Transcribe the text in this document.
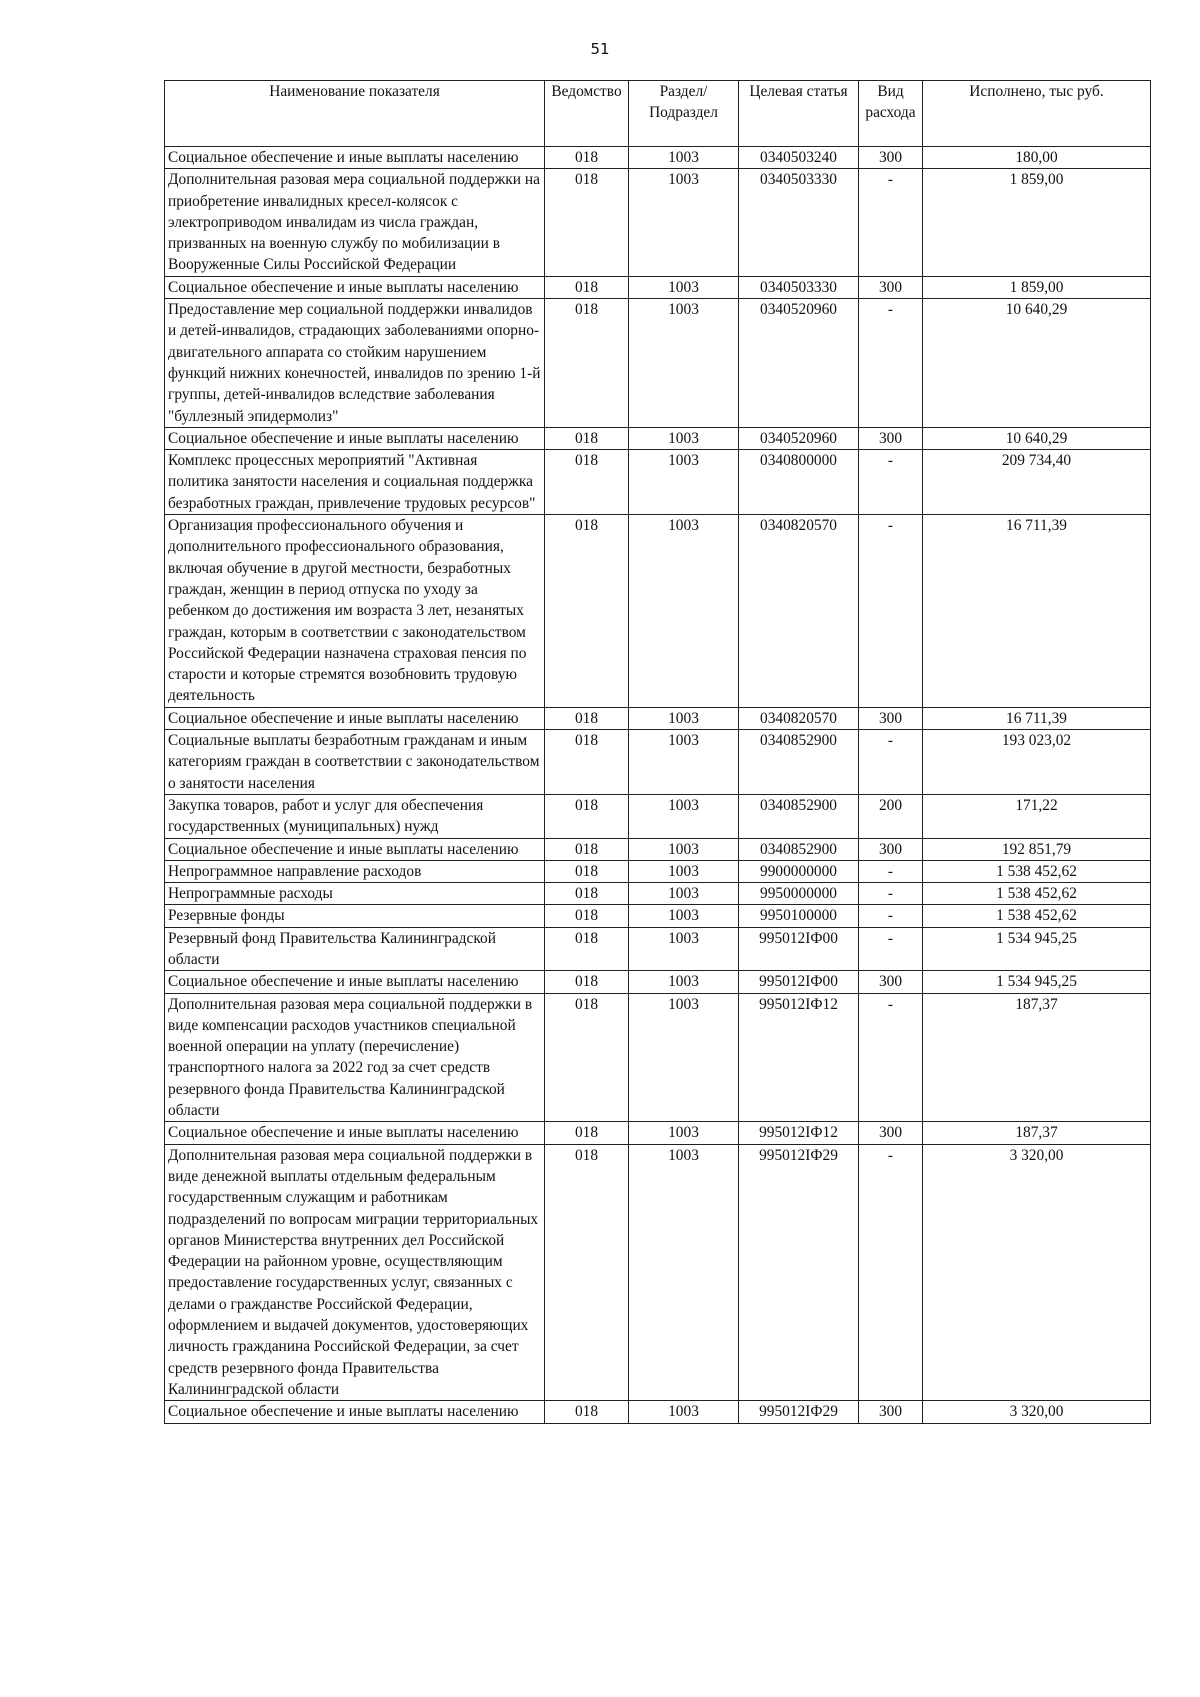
51
Наименование показателя	Ведомство	Раздел/ Подраздел	Целевая статья	Вид расхода	Исполнено, тыс руб.
Социальное обеспечение и иные выплаты населению	018	1003	0340503240	300	180,00
Дополнительная разовая мера социальной поддержки на приобретение инвалидных кресел-колясок с электроприводом инвалидам из числа граждан, призванных на военную службу по мобилизации в Вооруженные Силы Российской Федерации	018	1003	0340503330	-	1 859,00
Социальное обеспечение и иные выплаты населению	018	1003	0340503330	300	1 859,00
Предоставление мер социальной поддержки инвалидов и детей-инвалидов, страдающих заболеваниями опорно-двигательного аппарата со стойким нарушением функций нижних конечностей, инвалидов по зрению 1-й группы, детей-инвалидов вследствие заболевания "буллезный эпидермолиз"	018	1003	0340520960	-	10 640,29
Социальное обеспечение и иные выплаты населению	018	1003	0340520960	300	10 640,29
Комплекс процессных мероприятий "Активная политика занятости населения и социальная поддержка безработных граждан, привлечение трудовых ресурсов"	018	1003	0340800000	-	209 734,40
Организация профессионального обучения и дополнительного профессионального образования, включая обучение в другой местности, безработных граждан, женщин в период отпуска по уходу за ребенком до достижения им возраста 3 лет, незанятых граждан, которым в соответствии с законодательством Российской Федерации назначена страховая пенсия по старости и которые стремятся возобновить трудовую деятельность	018	1003	0340820570	-	16 711,39
Социальное обеспечение и иные выплаты населению	018	1003	0340820570	300	16 711,39
Социальные выплаты безработным гражданам и иным категориям граждан в соответствии с законодательством о занятости населения	018	1003	0340852900	-	193 023,02
Закупка товаров, работ и услуг для обеспечения государственных (муниципальных) нужд	018	1003	0340852900	200	171,22
Социальное обеспечение и иные выплаты населению	018	1003	0340852900	300	192 851,79
Непрограммное направление расходов	018	1003	9900000000	-	1 538 452,62
Непрограммные расходы	018	1003	9950000000	-	1 538 452,62
Резервные фонды	018	1003	9950100000	-	1 538 452,62
Резервный фонд Правительства Калининградской области	018	1003	995012ІФ00	-	1 534 945,25
Социальное обеспечение и иные выплаты населению	018	1003	995012ІФ00	300	1 534 945,25
Дополнительная разовая мера социальной поддержки в виде компенсации расходов участников специальной военной операции на уплату (перечисление) транспортного налога за 2022 год за счет средств резервного фонда Правительства Калининградской области	018	1003	995012ІФ12	-	187,37
Социальное обеспечение и иные выплаты населению	018	1003	995012ІФ12	300	187,37
Дополнительная разовая мера социальной поддержки в виде денежной выплаты отдельным федеральным государственным служащим и работникам подразделений по вопросам миграции территориальных органов Министерства внутренних дел Российской Федерации на районном уровне, осуществляющим предоставление государственных услуг, связанных с делами о гражданстве Российской Федерации, оформлением и выдачей документов, удостоверяющих личность гражданина Российской Федерации, за счет средств резервного фонда Правительства Калининградской области	018	1003	995012ІФ29	-	3 320,00
Социальное обеспечение и иные выплаты населению	018	1003	995012ІФ29	300	3 320,00
